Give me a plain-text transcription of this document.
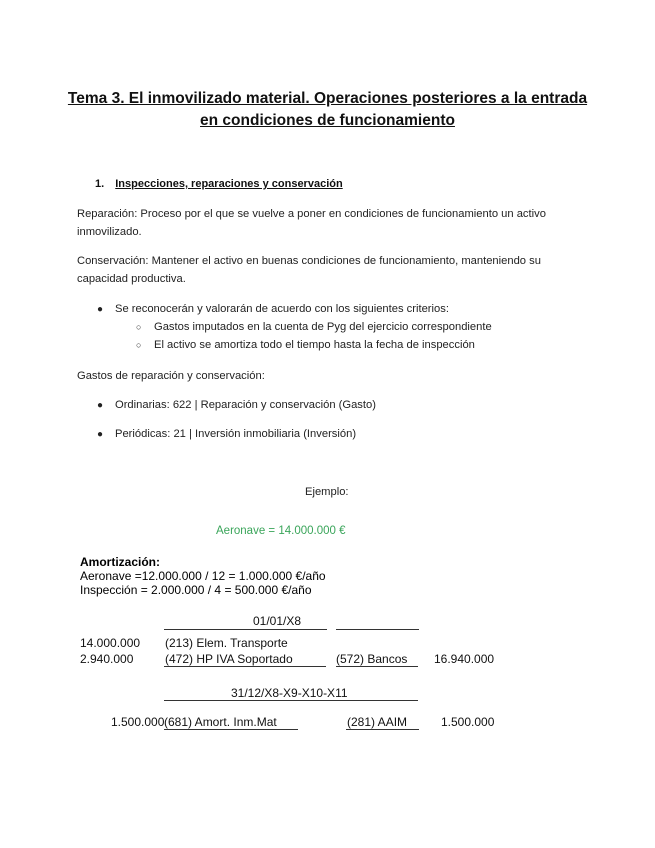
Tema 3. El inmovilizado material. Operaciones posteriores a la entrada
en condiciones de funcionamiento
1. Inspecciones, reparaciones y conservación
Reparación: Proceso por el que se vuelve a poner en condiciones de funcionamiento un activo inmovilizado.
Conservación: Mantener el activo en buenas condiciones de funcionamiento, manteniendo su capacidad productiva.
● Se reconocerán y valorarán de acuerdo con los siguientes criterios:
○ Gastos imputados en la cuenta de Pyg del ejercicio correspondiente
○ El activo se amortiza todo el tiempo hasta la fecha de inspección
Gastos de reparación y conservación:
● Ordinarias: 622 | Reparación y conservación (Gasto)
● Periódicas: 21 | Inversión inmobiliaria (Inversión)
Ejemplo:
Aeronave = 14.000.000 €
Amortización:
Aeronave =12.000.000 / 12 = 1.000.000 €/año
Inspección = 2.000.000 / 4 = 500.000 €/año
01/01/X8
14.000.000 (213) Elem. Transporte
2.940.000	(472) HP IVA Soportado	(572) Bancos 16.940.000
31/12/X8-X9-X10-X11
1.500.000 (681) Amort. Inm.Mat	(281) AAIM	1.500.000
